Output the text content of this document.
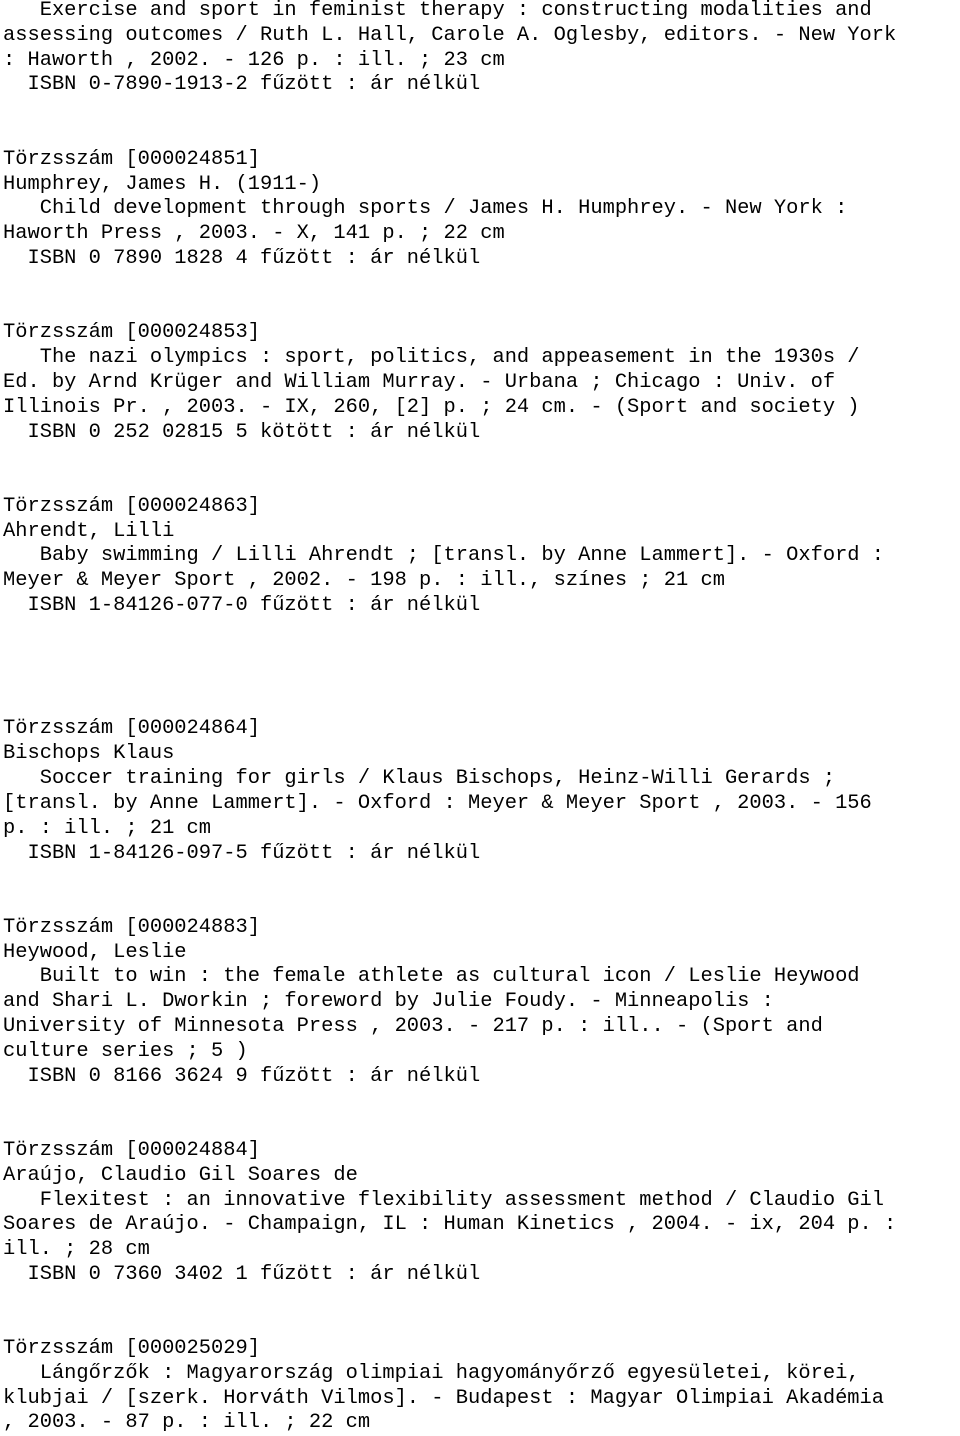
Exercise and sport in feminist therapy : constructing modalities and
assessing outcomes / Ruth L. Hall, Carole A. Oglesby, editors. - New York
: Haworth , 2002. - 126 p. : ill. ; 23 cm
ISBN 0-7890-1913-2 fűzött : ár nélkül
Törzsszám [000024851]
Humphrey, James H. (1911-)
Child development through sports / James H. Humphrey. - New York :
Haworth Press , 2003. - X, 141 p. ; 22 cm
ISBN 0 7890 1828 4 fűzött : ár nélkül
Törzsszám [000024853]
The nazi olympics : sport, politics, and appeasement in the 1930s /
Ed. by Arnd Krüger and William Murray. - Urbana ; Chicago : Univ. of
Illinois Pr. , 2003. - IX, 260, [2] p. ; 24 cm. - (Sport and society )
ISBN 0 252 02815 5 kötött : ár nélkül
Törzsszám [000024863]
Ahrendt, Lilli
Baby swimming / Lilli Ahrendt ; [transl. by Anne Lammert]. - Oxford :
Meyer & Meyer Sport , 2002. - 198 p. : ill., színes ; 21 cm
ISBN 1-84126-077-0 fűzött : ár nélkül
Törzsszám [000024864]
Bischops Klaus
Soccer training for girls / Klaus Bischops, Heinz-Willi Gerards ;
[transl. by Anne Lammert]. - Oxford : Meyer & Meyer Sport , 2003. - 156
p. : ill. ; 21 cm
ISBN 1-84126-097-5 fűzött : ár nélkül
Törzsszám [000024883]
Heywood, Leslie
Built to win : the female athlete as cultural icon / Leslie Heywood
and Shari L. Dworkin ; foreword by Julie Foudy. - Minneapolis :
University of Minnesota Press , 2003. - 217 p. : ill.. - (Sport and
culture series ; 5 )
ISBN 0 8166 3624 9 fűzött : ár nélkül
Törzsszám [000024884]
Araújo, Claudio Gil Soares de
Flexitest : an innovative flexibility assessment method / Claudio Gil
Soares de Araújo. - Champaign, IL : Human Kinetics , 2004. - ix, 204 p. :
ill. ; 28 cm
ISBN 0 7360 3402 1 fűzött : ár nélkül
Törzsszám [000025029]
Lángőrzők : Magyarország olimpiai hagyományőrző egyesületei, körei,
klubjai / [szerk. Horváth Vilmos]. - Budapest : Magyar Olimpiai Akadémia
, 2003. - 87 p. : ill. ; 22 cm
